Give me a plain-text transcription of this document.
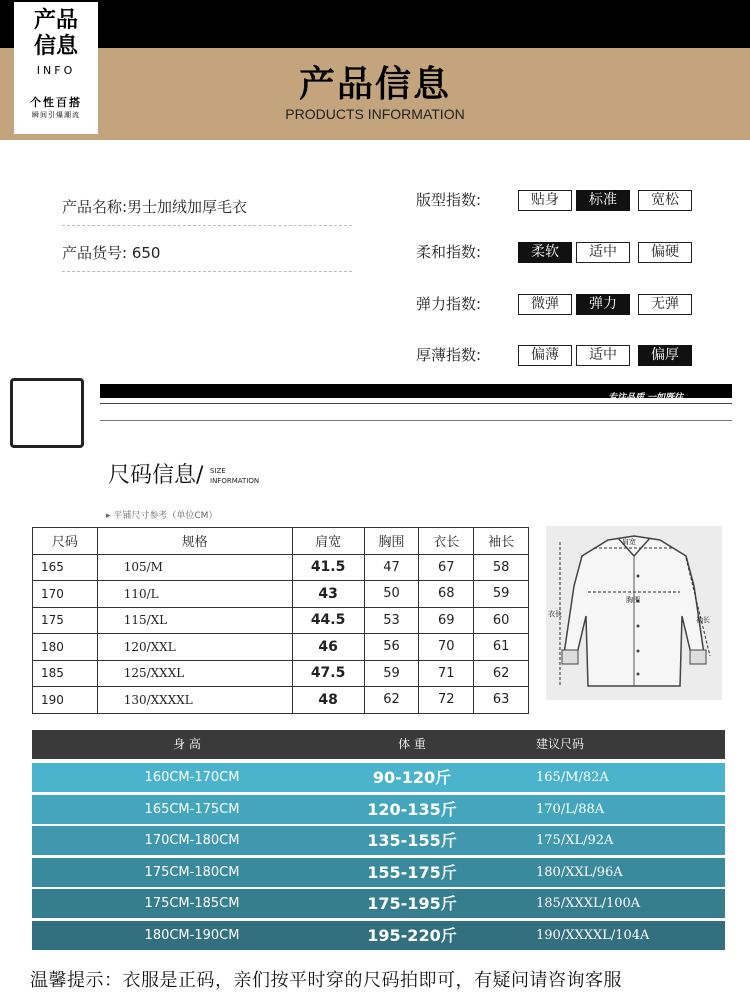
产品
信息
INFO
个性百搭
瞬间引爆潮流
产品信息
PRODUCTS INFORMATION
产品名称:男士加绒加厚毛衣
产品货号: 650
版型指数:	贴身	标准	宽松
柔和指数:	柔软	适中	偏硬
弹力指数:	微弹	弹力	无弹
厚薄指数:	偏薄	适中	偏厚
专注品质 一如既往
尺码信息/ SIZE
INFORMATION
▸ 平铺尺寸参考（单位CM）
尺码	规格	肩宽	胸围	衣长	袖长
165	105/M	41.5	47	67	58
170	110/L	43	50	68	59
175	115/XL	44.5	53	69	60
180	120/XXL	46	56	70	61
185	125/XXXL	47.5	59	71	62
190	130/XXXXL	48	62	72	63
肩宽
胸围
衣长
袖长
身 高	体 重	建议尺码
160CM-170CM	90-120斤	165/M/82A
165CM-175CM	120-135斤	170/L/88A
170CM-180CM	135-155斤	175/XL/92A
175CM-180CM	155-175斤	180/XXL/96A
175CM-185CM	175-195斤	185/XXXL/100A
180CM-190CM	195-220斤	190/XXXXL/104A
温馨提示：衣服是正码，亲们按平时穿的尺码拍即可，有疑问请咨询客服
